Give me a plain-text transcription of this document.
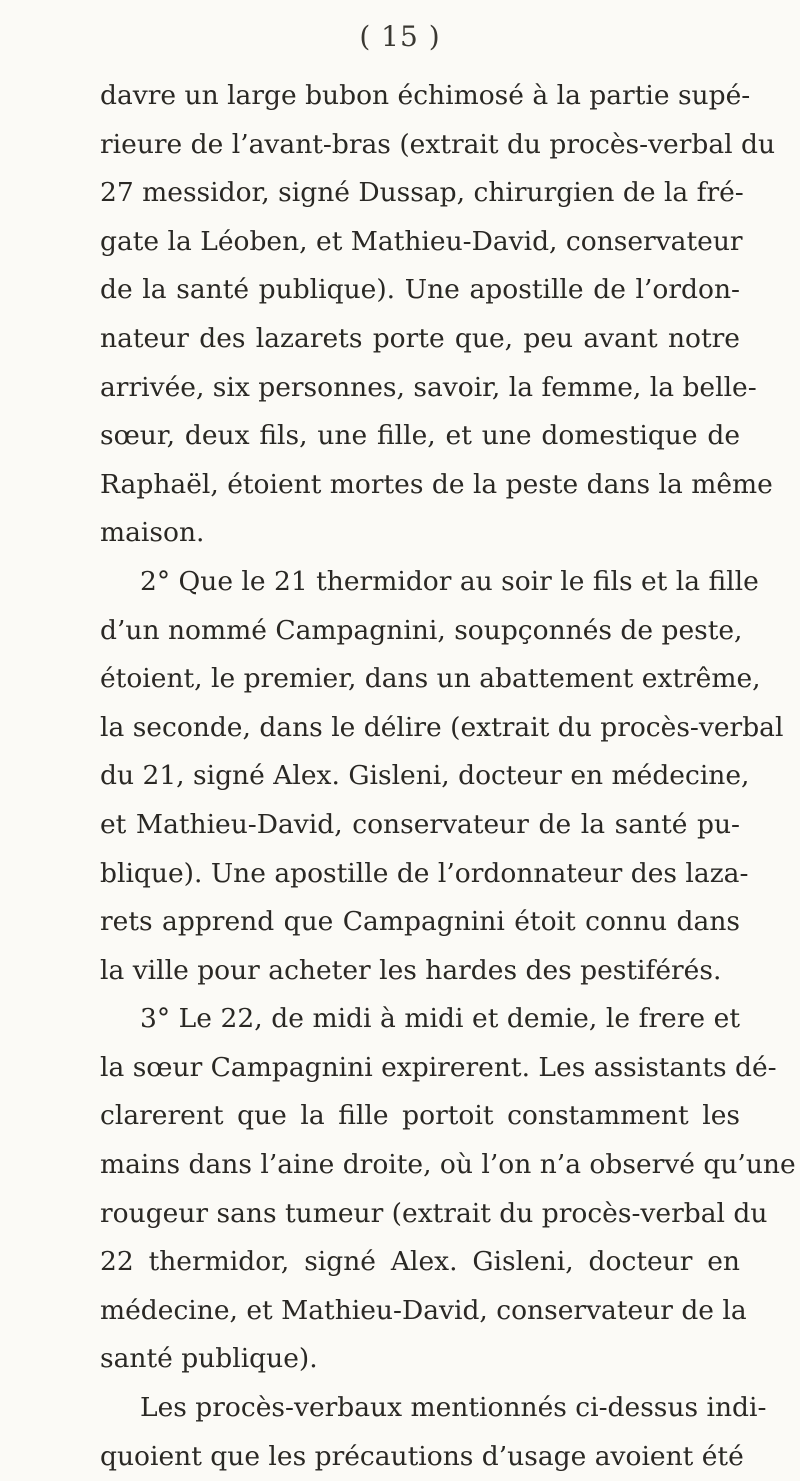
( 15 )
davre un large bubon échimosé à la partie supé-
rieure de l’avant-bras (extrait du procès-verbal du
27 messidor, signé Dussap, chirurgien de la fré-
gate la Léoben, et Mathieu-David, conservateur
de la santé publique). Une apostille de l’ordon-
nateur des lazarets porte que, peu avant notre
arrivée, six personnes, savoir, la femme, la belle-
sœur, deux fils, une fille, et une domestique de
Raphaël, étoient mortes de la peste dans la même
maison.
2° Que le 21 thermidor au soir le fils et la fille
d’un nommé Campagnini, soupçonnés de peste,
étoient, le premier, dans un abattement extrême,
la seconde, dans le délire (extrait du procès-verbal
du 21, signé Alex. Gisleni, docteur en médecine,
et Mathieu-David, conservateur de la santé pu-
blique). Une apostille de l’ordonnateur des laza-
rets apprend que Campagnini étoit connu dans
la ville pour acheter les hardes des pestiférés.
3° Le 22, de midi à midi et demie, le frere et
la sœur Campagnini expirerent. Les assistants dé-
clarerent que la fille portoit constamment les
mains dans l’aine droite, où l’on n’a observé qu’une
rougeur sans tumeur (extrait du procès-verbal du
22 thermidor, signé Alex. Gisleni, docteur en
médecine, et Mathieu-David, conservateur de la
santé publique).
Les procès-verbaux mentionnés ci-dessus indi-
quoient que les précautions d’usage avoient été
